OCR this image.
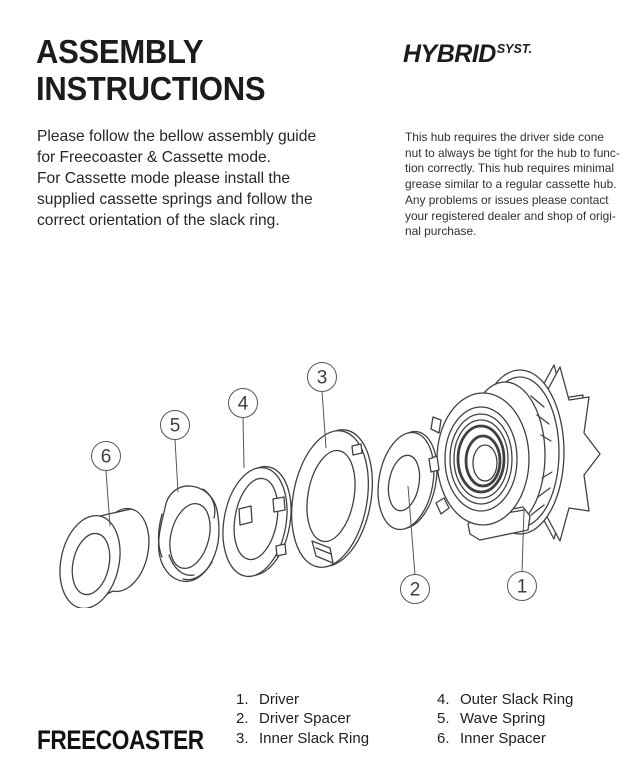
ASSEMBLY
INSTRUCTIONS
$HYBRID^{SYST.}$
Please follow the bellow assembly guide
for Freecoaster & Cassette mode.
For Cassette mode please install the
supplied cassette springs and follow the
correct orientation of the slack ring.
This hub requires the driver side cone
nut to always be tight for the hub to func-
tion correctly. This hub requires minimal
grease similar to a regular cassette hub.
Any problems or issues please contact
your registered dealer and shop of origi-
nal purchase.
6
5
4
3
2	1
FREECOASTER
1. Driver
2. Driver Spacer
3. Inner Slack Ring
4. Outer Slack Ring
5. Wave Spring
6. Inner Spacer
